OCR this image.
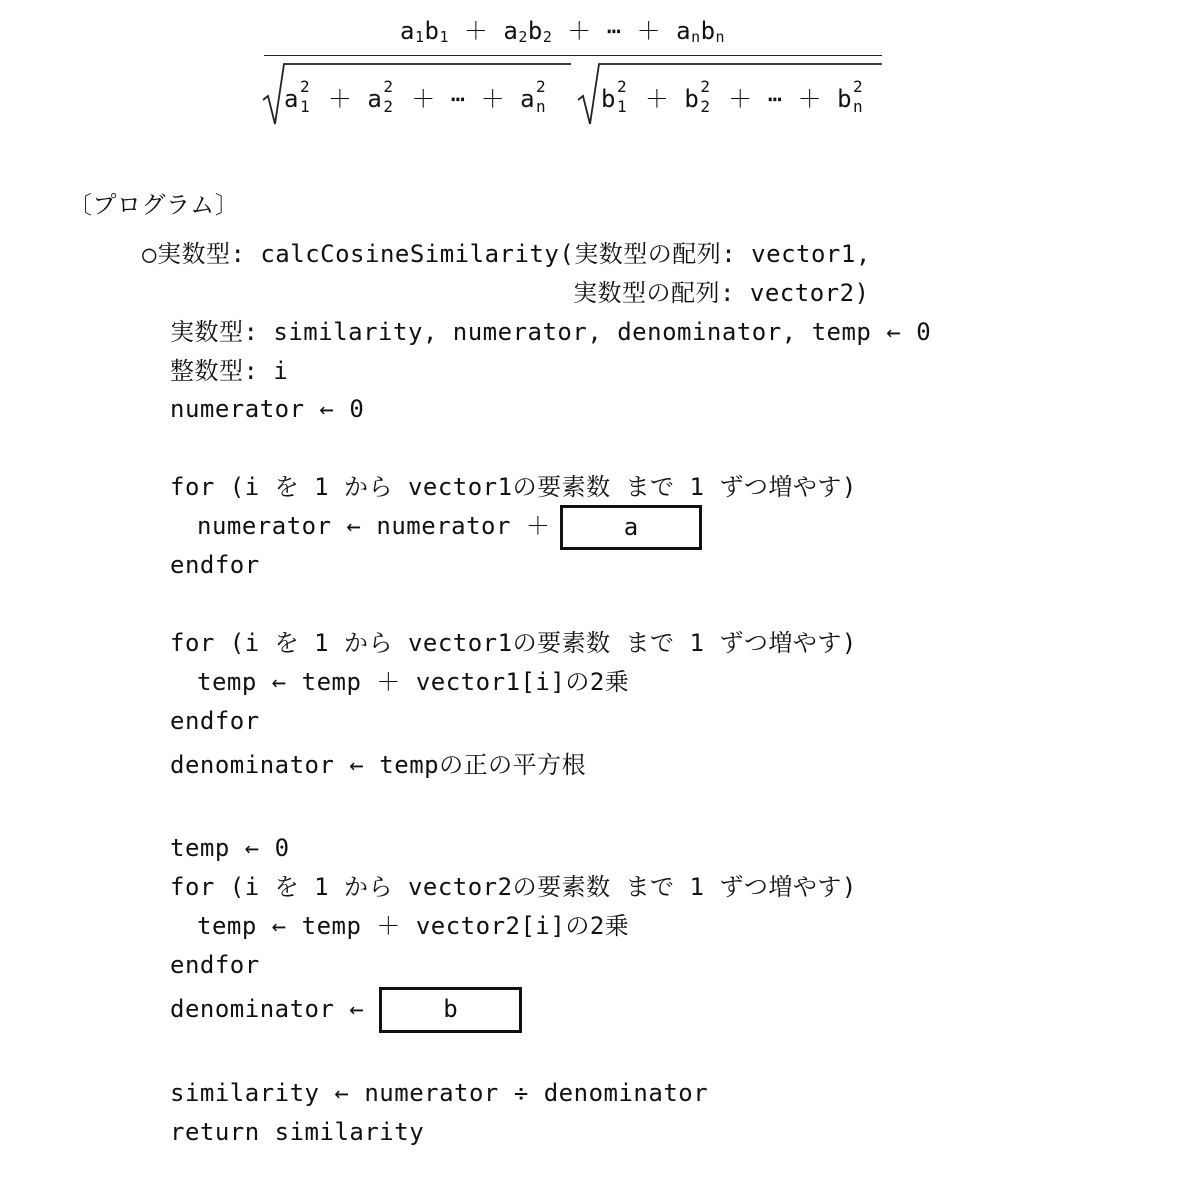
$a_1b_1 + a_2b_2$ ＋ ⋯ ＋ $a_nb_n$
a 2
1 ＋ a 2
2 ＋ ⋯ ＋ a 2
n b 2
1 ＋ b 2
2 ＋ ⋯ ＋ b 2
n
〔プログラム〕
○実数型: calcCosineSimilarity(実数型の配列: vector1,
実数型の配列: vector2)
実数型: similarity, numerator, denominator, temp ← 0
整数型: i
numerator ← 0
for (i を 1 から vector1の要素数 まで 1 ずつ増やす)
numerator ← numerator ＋	a
endfor
for (i を 1 から vector1の要素数 まで 1 ずつ増やす)
temp ← temp ＋ vector1[i]の2乗
endfor
denominator ← tempの正の平方根
temp ← 0
for (i を 1 から vector2の要素数 まで 1 ずつ増やす)
temp ← temp ＋ vector2[i]の2乗
endfor
denominator ←	b
similarity ← numerator ÷ denominator
return similarity
